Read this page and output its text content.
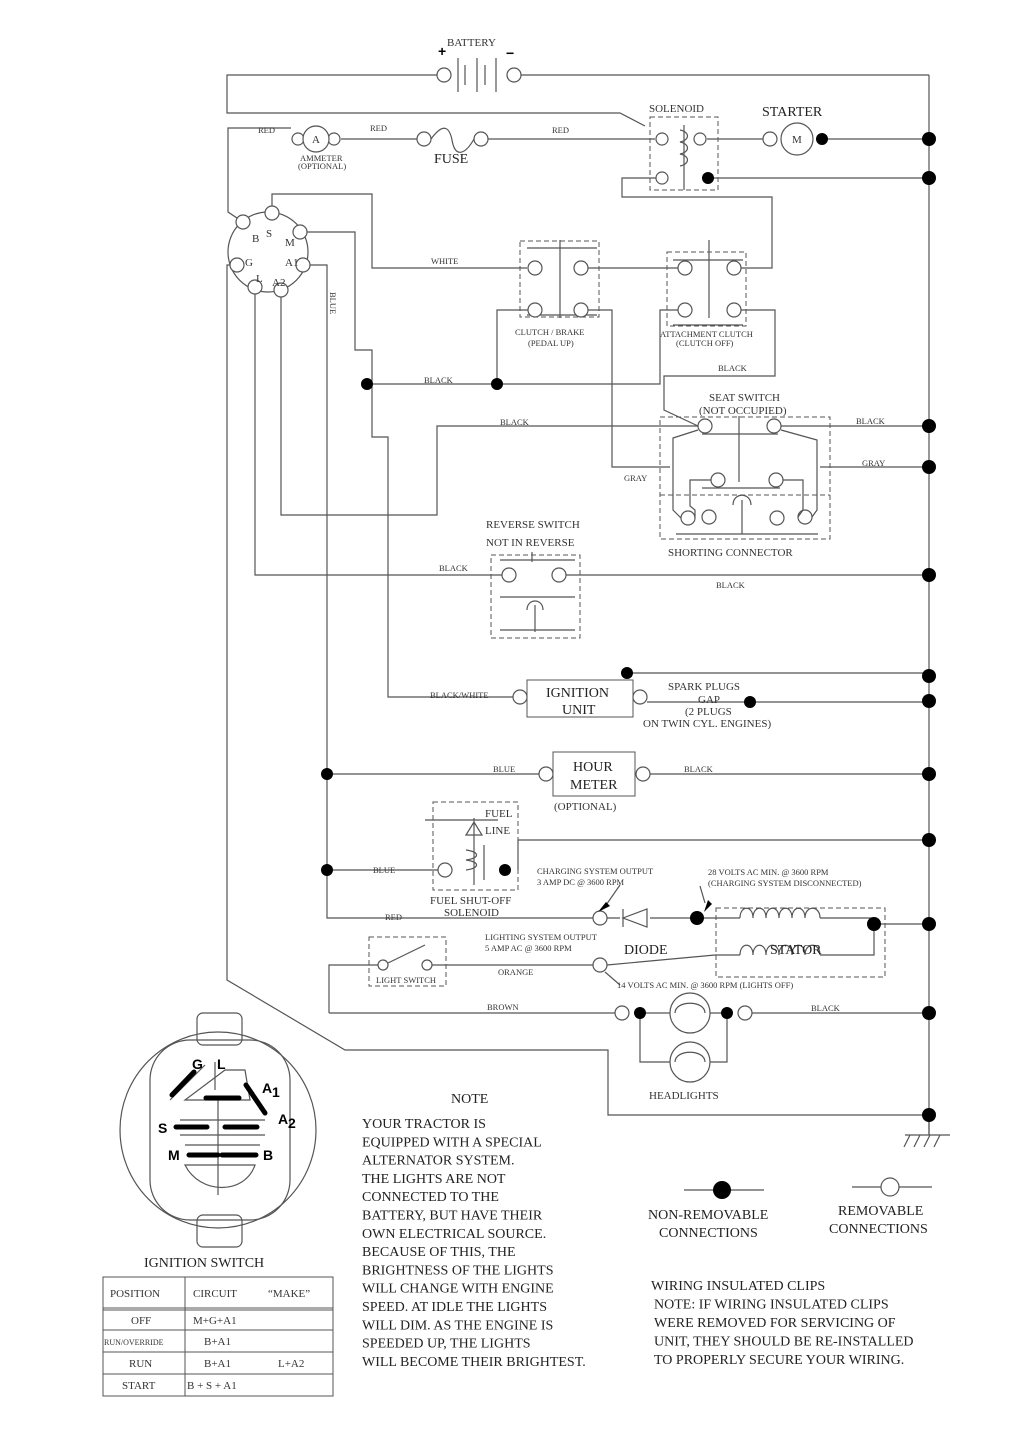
+	−
BATTERY
A
AMMETER
(OPTIONAL)	FUSE
SOLENOID
M
STARTER
B S
M
G	A1
L A2
CLUTCH / BRAKE
(PEDAL UP)
ATTACHMENT CLUTCH
(CLUTCH OFF)
SEAT SWITCH
(NOT OCCUPIED)
SHORTING CONNECTOR
REVERSE SWITCH
NOT IN REVERSE
IGNITION
UNIT
SPARK PLUGS
GAP
(2 PLUGS
ON TWIN CYL. ENGINES)
HOUR
METER
(OPTIONAL)
FUEL
LINE
FUEL SHUT-OFF
SOLENOID
CHARGING SYSTEM OUTPUT
3 AMP DC @ 3600 RPM
28 VOLTS AC MIN. @ 3600 RPM
(CHARGING SYSTEM DISCONNECTED)
LIGHTING SYSTEM OUTPUT
5 AMP AC @ 3600 RPM
14 VOLTS AC MIN. @ 3600 RPM (LIGHTS OFF)
DIODE	STATOR
LIGHT SWITCH
HEADLIGHTS
RED	RED	RED
RED
WHITE
BLUE
BLACK
BLACK
BLACK
BLACK
BLACK
BLACK
BLACK
BLACK
GRAY
GRAY
BLACK/WHITE
BLUE
BLUE
ORANGE
BROWN
G L
A 1
A 2
S
M	B
IGNITION SWITCH
POSITION	CIRCUIT	“MAKE”
OFF	M+G+A1
RUN/OVERRIDE	B+A1
RUN	B+A1	L+A2
START	B + S + A1
NOTE
YOUR TRACTOR IS
EQUIPPED WITH A SPECIAL
ALTERNATOR SYSTEM.
THE LIGHTS ARE NOT
CONNECTED TO THE
BATTERY, BUT HAVE THEIR
OWN ELECTRICAL SOURCE.
BECAUSE OF THIS, THE
BRIGHTNESS OF THE LIGHTS
WILL CHANGE WITH ENGINE
SPEED. AT IDLE THE LIGHTS
WILL DIM. AS THE ENGINE IS
SPEEDED UP, THE LIGHTS
WILL BECOME THEIR BRIGHTEST.
NON-REMOVABLE
CONNECTIONS
REMOVABLE
CONNECTIONS
WIRING INSULATED CLIPS
NOTE: IF WIRING INSULATED CLIPS
WERE REMOVED FOR SERVICING OF
UNIT, THEY SHOULD BE RE-INSTALLED
TO PROPERLY SECURE YOUR WIRING.
